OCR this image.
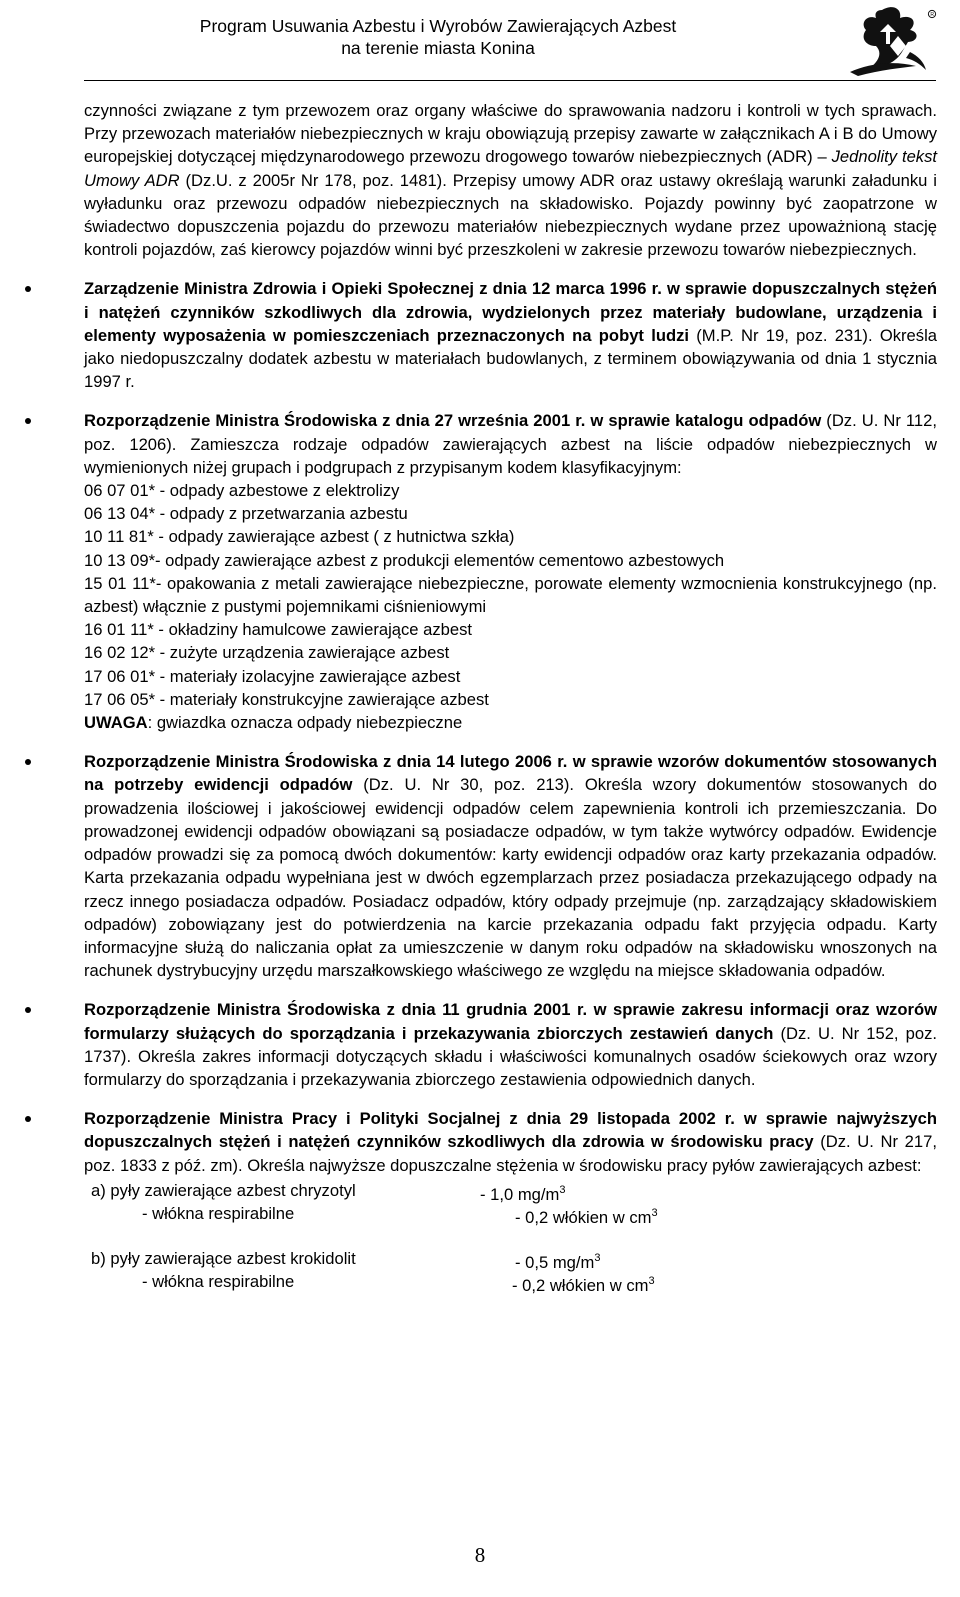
Program Usuwania Azbestu i Wyrobów Zawierających Azbest
na terenie miasta Konina
R

czynności związane z tym przewozem oraz organy właściwe do sprawowania nadzoru i kontroli w tych sprawach. Przy przewozach materiałów niebezpiecznych w kraju obowiązują przepisy zawarte w załącznikach A i B do Umowy europejskiej dotyczącej międzynarodowego przewozu drogowego towarów niebezpiecznych (ADR) – Jednolity tekst Umowy ADR (Dz.U. z 2005r Nr 178, poz. 1481). Przepisy umowy ADR oraz ustawy określają warunki załadunku i wyładunku oraz przewozu odpadów niebezpiecznych na składowisko. Pojazdy powinny być zaopatrzone w świadectwo dopuszczenia pojazdu do przewozu materiałów niebezpiecznych wydane przez upoważnioną stację kontroli pojazdów, zaś kierowcy pojazdów winni być przeszkoleni w zakresie przewozu towarów niebezpiecznych.

Zarządzenie Ministra Zdrowia i Opieki Społecznej z dnia 12 marca 1996 r. w sprawie dopuszczalnych stężeń i natężeń czynników szkodliwych dla zdrowia, wydzielonych przez materiały budowlane, urządzenia i elementy wyposażenia w pomieszczeniach przeznaczonych na pobyt ludzi (M.P. Nr 19, poz. 231). Określa jako niedopuszczalny dodatek azbestu w materiałach budowlanych, z terminem obowiązywania od dnia 1 stycznia 1997 r.

Rozporządzenie Ministra Środowiska z dnia 27 września 2001 r. w sprawie katalogu odpadów (Dz. U. Nr 112, poz. 1206). Zamieszcza rodzaje odpadów zawierających azbest na liście odpadów niebezpiecznych w wymienionych niżej grupach i podgrupach z przypisanym kodem klasyfikacyjnym:

06 07 01* - odpady azbestowe z elektrolizy
06 13 04* - odpady z przetwarzania azbestu
10 11 81* - odpady zawierające azbest ( z hutnictwa szkła)
10 13 09*- odpady zawierające azbest z produkcji elementów cementowo azbestowych
15 01 11*- opakowania z metali zawierające niebezpieczne, porowate elementy wzmocnienia konstrukcyjnego (np. azbest) włącznie z pustymi pojemnikami ciśnieniowymi
16 01 11* - okładziny hamulcowe zawierające azbest
16 02 12* - zużyte urządzenia zawierające azbest
17 06 01* - materiały izolacyjne zawierające azbest
17 06 05* - materiały konstrukcyjne zawierające azbest
UWAGA: gwiazdka oznacza odpady niebezpieczne

Rozporządzenie Ministra Środowiska z dnia 14 lutego 2006 r. w sprawie wzorów dokumentów stosowanych na potrzeby ewidencji odpadów (Dz. U. Nr 30, poz. 213). Określa wzory dokumentów stosowanych do prowadzenia ilościowej i jakościowej ewidencji odpadów celem zapewnienia kontroli ich przemieszczania. Do prowadzonej ewidencji odpadów obowiązani są posiadacze odpadów, w tym także wytwórcy odpadów. Ewidencje odpadów prowadzi się za pomocą dwóch dokumentów: karty ewidencji odpadów oraz karty przekazania odpadów. Karta przekazania odpadu wypełniana jest w dwóch egzemplarzach przez posiadacza przekazującego odpady na rzecz innego posiadacza odpadów. Posiadacz odpadów, który odpady przejmuje (np. zarządzający składowiskiem odpadów) zobowiązany jest do potwierdzenia na karcie przekazania odpadu fakt przyjęcia odpadu. Karty informacyjne służą do naliczania opłat za umieszczenie w danym roku odpadów na składowisku wnoszonych na rachunek dystrybucyjny urzędu marszałkowskiego właściwego ze względu na miejsce składowania odpadów.

Rozporządzenie Ministra Środowiska z dnia 11 grudnia 2001 r. w sprawie zakresu informacji oraz wzorów formularzy służących do sporządzania i przekazywania zbiorczych zestawień danych (Dz. U. Nr 152, poz. 1737). Określa zakres informacji dotyczących składu i właściwości komunalnych osadów ściekowych oraz wzory formularzy do sporządzania i przekazywania zbiorczego zestawienia odpowiednich danych.

Rozporządzenie Ministra Pracy i Polityki Socjalnej z dnia 29 listopada 2002 r. w sprawie najwyższych dopuszczalnych stężeń i natężeń czynników szkodliwych dla zdrowia w środowisku pracy (Dz. U. Nr 217, poz. 1833 z póź. zm). Określa najwyższe dopuszczalne stężenia w środowisku pracy pyłów zawierających azbest:

a) pyły zawierające azbest chryzotyl	- 1,0 $mg/m^3$
- włókna respirabilne	- 0,2 włókien w $cm^3$
b) pyły zawierające azbest krokidolit	- 0,5 $mg/m^3$
- włókna respirabilne	- 0,2 włókien w $cm^3$
8
